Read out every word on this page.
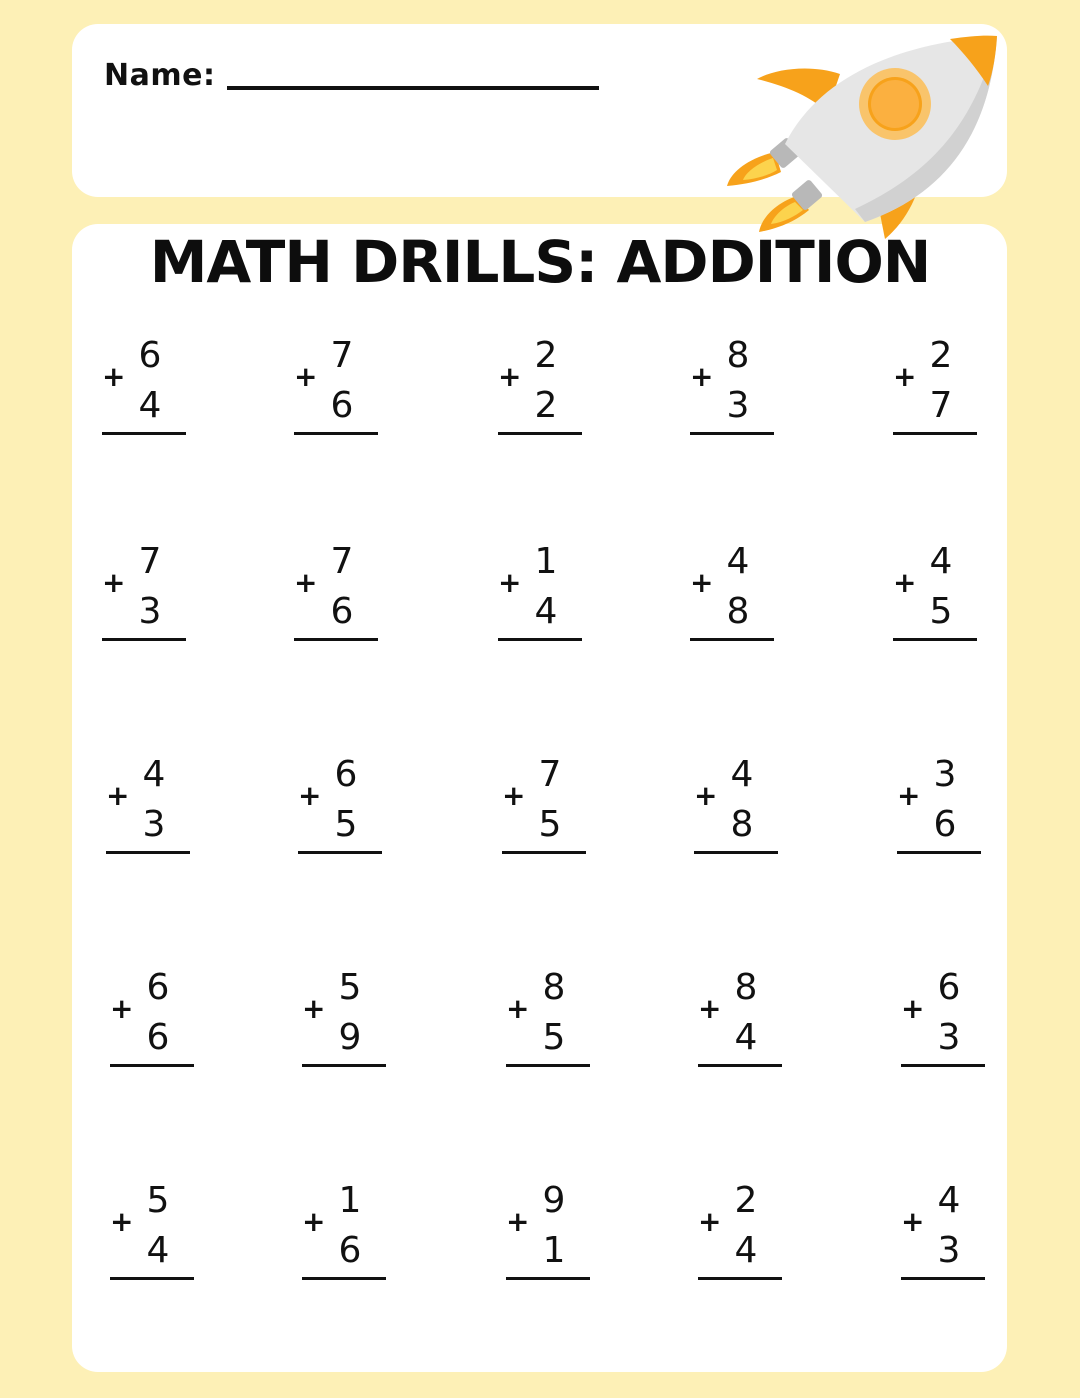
Name:
MATH DRILLS: ADDITION
6
+
4
7
+
6
2
+
2
8
+
3
2
+
7
7
+
3
7
+
6
1
+
4
4
+
8
4
+
5
4
+
3
6
+
5
7
+
5
4
+
8
3
+
6
6
+
6
5
+
9
8
+
5
8
+
4
6
+
3
5
+
4
1
+
6
9
+
1
2
+
4
4
+
3
